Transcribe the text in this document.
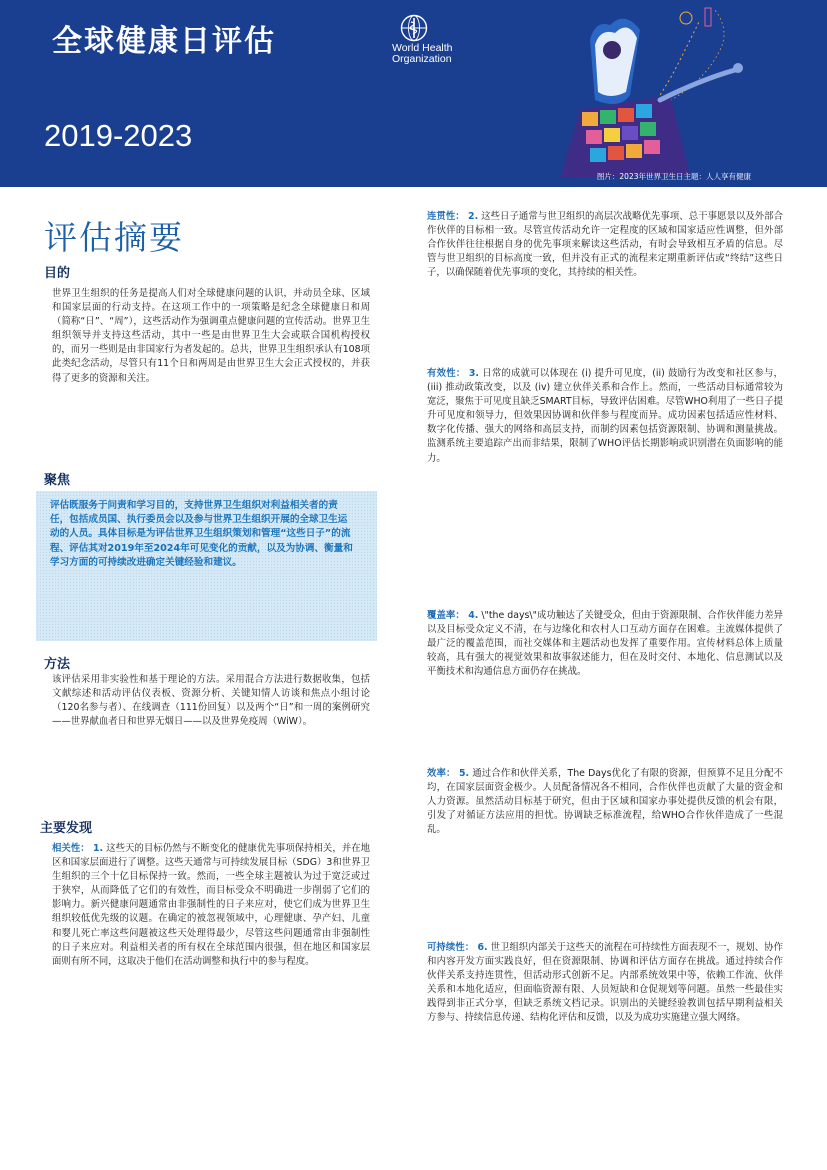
全球健康日评估
2019-2023
World Health
Organization
图片：2023年世界卫生日主题：人人享有健康
评估摘要
目的
世界卫生组织的任务是提高人们对全球健康问题的认识，并动员全球、区域和国家层面的行动支持。在这项工作中的一项策略是纪念全球健康日和周（简称“日”、“周”），这些活动作为强调重点健康问题的宣传活动。世界卫生组织领导并支持这些活动，其中一些是由世界卫生大会或联合国机构授权的，而另一些则是由非国家行为者发起的。总共，世界卫生组织承认有108项此类纪念活动，尽管只有11个日和两周是由世界卫生大会正式授权的，并获得了更多的资源和关注。
聚焦
评估既服务于问责和学习目的，支持世界卫生组织对利益相关者的责任，包括成员国、执行委员会以及参与世界卫生组织开展的全球卫生运动的人员。具体目标是为评估世界卫生组织策划和管理“这些日子”的流程、评估其对2019年至2024年可见变化的贡献，以及为协调、衡量和学习方面的可持续改进确定关键经验和建议。
方法
该评估采用非实验性和基于理论的方法。采用混合方法进行数据收集，包括文献综述和活动评估仪表板、资源分析、关键知情人访谈和焦点小组讨论（120名参与者）、在线调查（111份回复）以及两个“日”和一周的案例研究——世界献血者日和世界无烟日——以及世界免疫周（WiW）。
主要发现
相关性： 1. 这些天的目标仍然与不断变化的健康优先事项保持相关，并在地区和国家层面进行了调整。这些天通常与可持续发展目标（SDG）3和世界卫生组织的三个十亿目标保持一致。然而，一些全球主题被认为过于宽泛或过于狭窄，从而降低了它们的有效性，而目标受众不明确进一步削弱了它们的影响力。新兴健康问题通常由非强制性的日子来应对，使它们成为世界卫生组织较低优先级的议题。在确定的被忽视领域中，心理健康、孕产妇、儿童和婴儿死亡率这些问题被这些天处理得最少，尽管这些问题通常由非强制性的日子来应对。利益相关者的所有权在全球范围内很强，但在地区和国家层面则有所不同，这取决于他们在活动调整和执行中的参与程度。
连贯性： 2. 这些日子通常与世卫组织的高层次战略优先事项、总干事愿景以及外部合作伙伴的目标相一致。尽管宣传活动允许一定程度的区域和国家适应性调整，但外部合作伙伴往往根据自身的优先事项来解读这些活动，有时会导致相互矛盾的信息。尽管与世卫组织的目标高度一致，但并没有正式的流程来定期重新评估或“终结”这些日子，以确保随着优先事项的变化，其持续的相关性。
有效性： 3. 日常的成就可以体现在 (i) 提升可见度，(ii) 鼓励行为改变和社区参与，(iii) 推动政策改变，以及 (iv) 建立伙伴关系和合作上。然而，一些活动目标通常较为宽泛，聚焦于可见度且缺乏SMART目标，导致评估困难。尽管WHO利用了一些日子提升可见度和领导力，但效果因协调和伙伴参与程度而异。成功因素包括适应性材料、数字化传播、强大的网络和高层支持，而制约因素包括资源限制、协调和测量挑战。监测系统主要追踪产出而非结果，限制了WHO评估长期影响或识别潜在负面影响的能力。
覆盖率： 4. \"the days\"成功触达了关键受众，但由于资源限制、合作伙伴能力差异以及目标受众定义不清，在与边缘化和农村人口互动方面存在困难。主流媒体提供了最广泛的覆盖范围，而社交媒体和主题活动也发挥了重要作用。宣传材料总体上质量较高，具有强大的视觉效果和故事叙述能力，但在及时交付、本地化、信息测试以及平衡技术和沟通信息方面仍存在挑战。
效率： 5. 通过合作和伙伴关系，The Days优化了有限的资源，但预算不足且分配不均，在国家层面资金极少。人员配备情况各不相同，合作伙伴也贡献了大量的资金和人力资源。虽然活动目标基于研究，但由于区域和国家办事处提供反馈的机会有限，引发了对循证方法应用的担忧。协调缺乏标准流程，给WHO合作伙伴造成了一些混乱。
可持续性： 6. 世卫组织内部关于这些天的流程在可持续性方面表现不一，规划、协作和内容开发方面实践良好，但在资源限制、协调和评估方面存在挑战。通过持续合作伙伴关系支持连贯性，但活动形式创新不足。内部系统效果中等，依赖工作流、伙伴关系和本地化适应，但面临资源有限、人员短缺和仓促规划等问题。虽然一些最佳实践得到非正式分享，但缺乏系统文档记录。识别出的关键经验教训包括早期利益相关方参与、持续信息传递、结构化评估和反馈，以及为成功实施建立强大网络。
